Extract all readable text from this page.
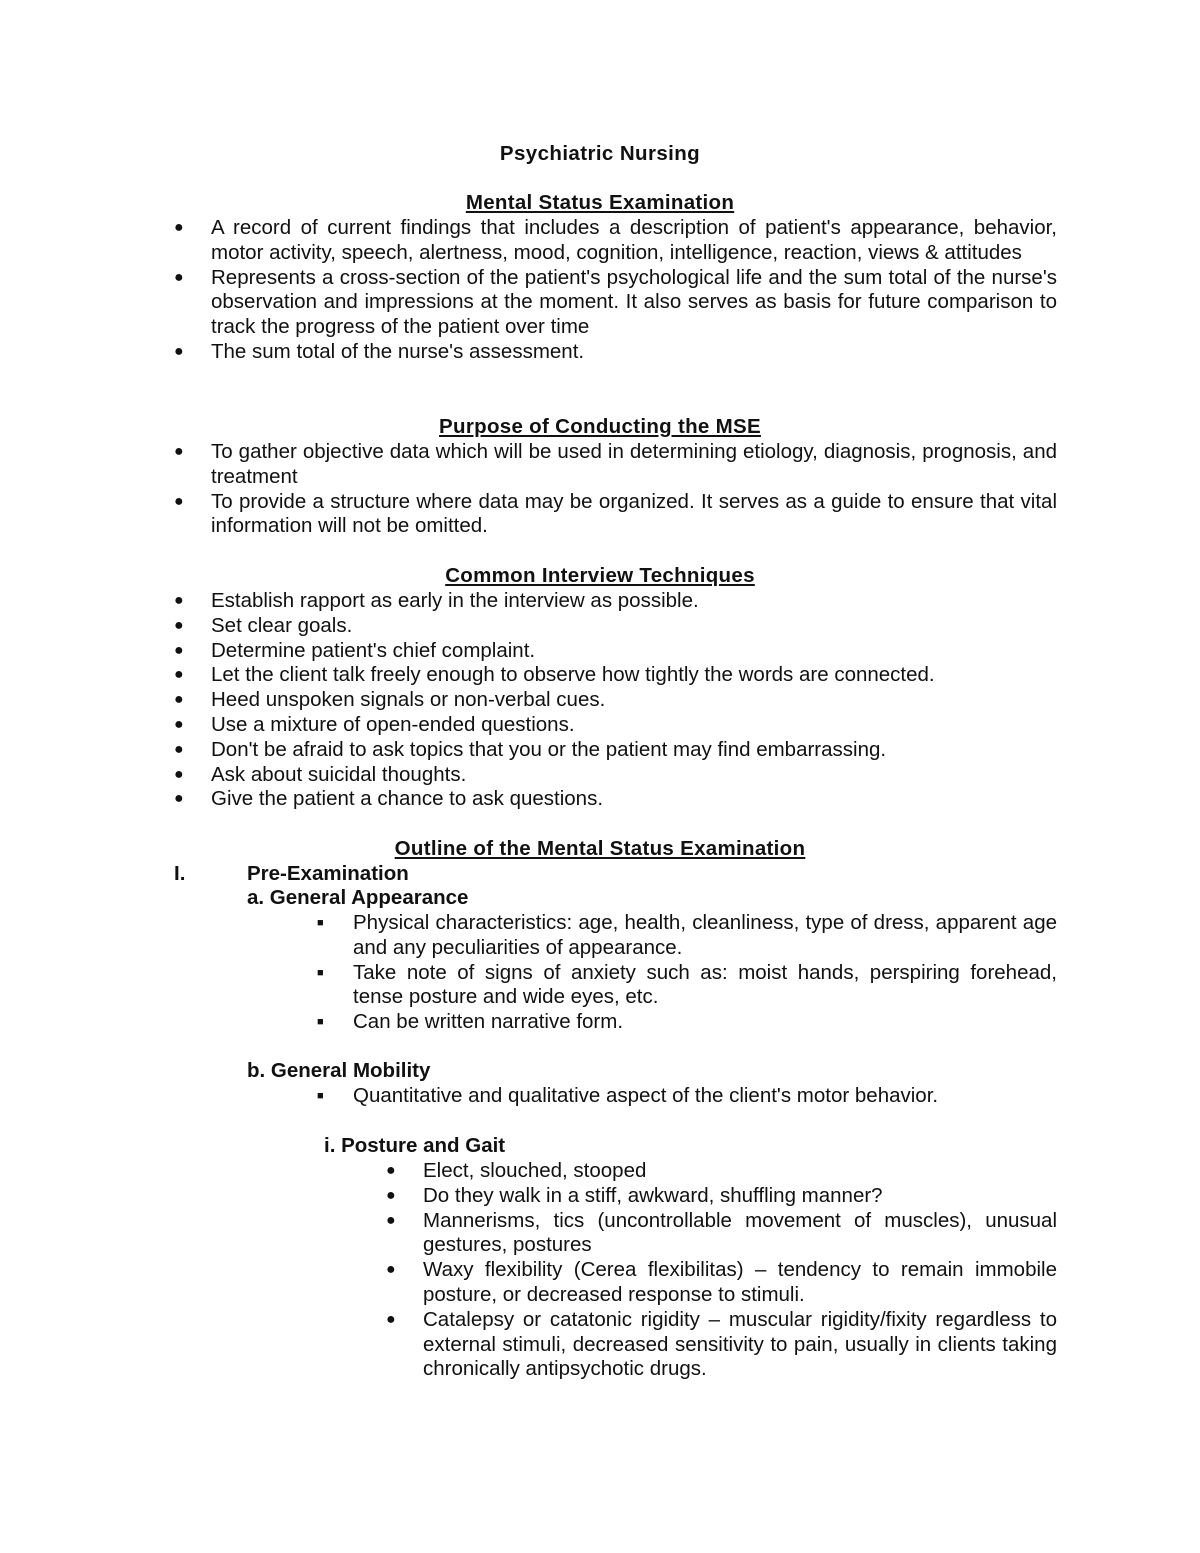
Psychiatric Nursing
Mental Status Examination
● A record of current findings that includes a description of patient's appearance, behavior, motor activity, speech, alertness, mood, cognition, intelligence, reaction, views & attitudes
● Represents a cross-section of the patient's psychological life and the sum total of the nurse's observation and impressions at the moment. It also serves as basis for future comparison to track the progress of the patient over time
● The sum total of the nurse's assessment.
Purpose of Conducting the MSE
● To gather objective data which will be used in determining etiology, diagnosis, prognosis, and treatment
● To provide a structure where data may be organized. It serves as a guide to ensure that vital information will not be omitted.
Common Interview Techniques
● Establish rapport as early in the interview as possible.
● Set clear goals.
● Determine patient's chief complaint.
● Let the client talk freely enough to observe how tightly the words are connected.
● Heed unspoken signals or non-verbal cues.
● Use a mixture of open-ended questions.
● Don't be afraid to ask topics that you or the patient may find embarrassing.
● Ask about suicidal thoughts.
● Give the patient a chance to ask questions.
Outline of the Mental Status Examination
I.	Pre-Examination
a. General Appearance
■ Physical characteristics: age, health, cleanliness, type of dress, apparent age and any peculiarities of appearance.
■ Take note of signs of anxiety such as: moist hands, perspiring forehead, tense posture and wide eyes, etc.
■ Can be written narrative form.
b. General Mobility
■ Quantitative and qualitative aspect of the client's motor behavior.
i. Posture and Gait
● Elect, slouched, stooped
● Do they walk in a stiff, awkward, shuffling manner?
● Mannerisms, tics (uncontrollable movement of muscles), unusual gestures, postures
● Waxy flexibility (Cerea flexibilitas) – tendency to remain immobile posture, or decreased response to stimuli.
● Catalepsy or catatonic rigidity – muscular rigidity/fixity regardless to external stimuli, decreased sensitivity to pain, usually in clients taking chronically antipsychotic drugs.
